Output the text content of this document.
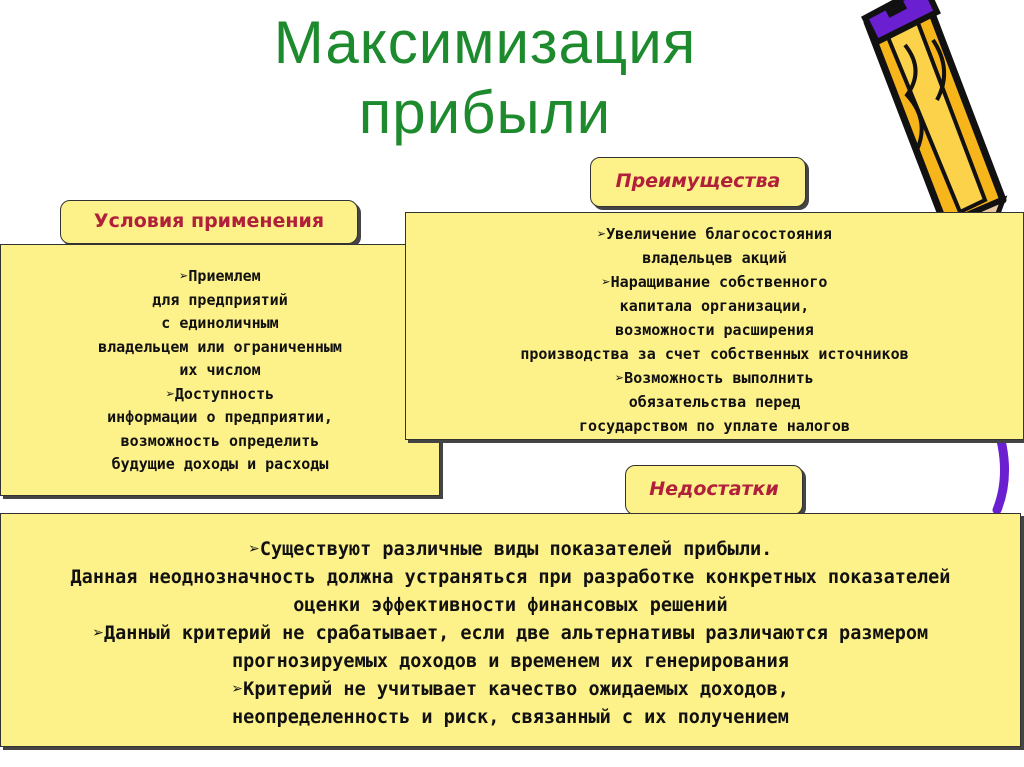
Максимизация
прибыли
Условия применения
Преимущества
➢Приемлем
для предприятий
с единоличным
владельцем или ограниченным
их числом
➢Доступность
информации о предприятии,
возможность определить
будущие доходы и расходы
➢Увеличение благосостояния
владельцев акций
➢Наращивание собственного
капитала организации,
возможности расширения
производства за счет собственных источников
➢Возможность выполнить
обязательства перед
государством по уплате налогов
Недостатки
➢Существуют различные виды показателей прибыли.
Данная неоднозначность должна устраняться при разработке конкретных показателей
оценки эффективности финансовых решений
➢Данный критерий не срабатывает, если две альтернативы различаются размером
прогнозируемых доходов и временем их генерирования
➢Критерий не учитывает качество ожидаемых доходов,
неопределенность и риск, связанный с их получением
